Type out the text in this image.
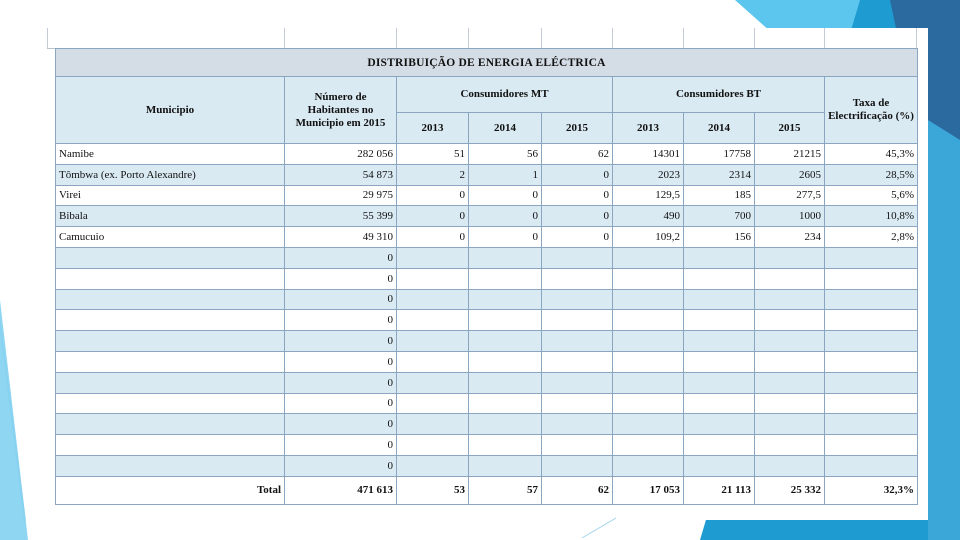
DISTRIBUIÇÃO DE ENERGIA ELÉCTRICA								
Municipio	Número de Habitantes no Municipio em 2015	Consumidores MT			Consumidores BT			Taxa de Electrificação (%)
		2013	2014	2015	2013	2014	2015	
Namibe	282 056	51	56	62	14301	17758	21215	45,3%
Tômbwa (ex. Porto Alexandre)	54 873	2	1	0	2023	2314	2605	28,5%
Virei	29 975	0	0	0	129,5	185	277,5	5,6%
Bibala	55 399	0	0	0	490	700	1000	10,8%
Camucuio	49 310	0	0	0	109,2	156	234	2,8%
	0							
	0							
	0							
	0							
	0							
	0							
	0							
	0							
	0							
	0							
	0							
Total	471 613	53	57	62	17 053	21 113	25 332	32,3%
